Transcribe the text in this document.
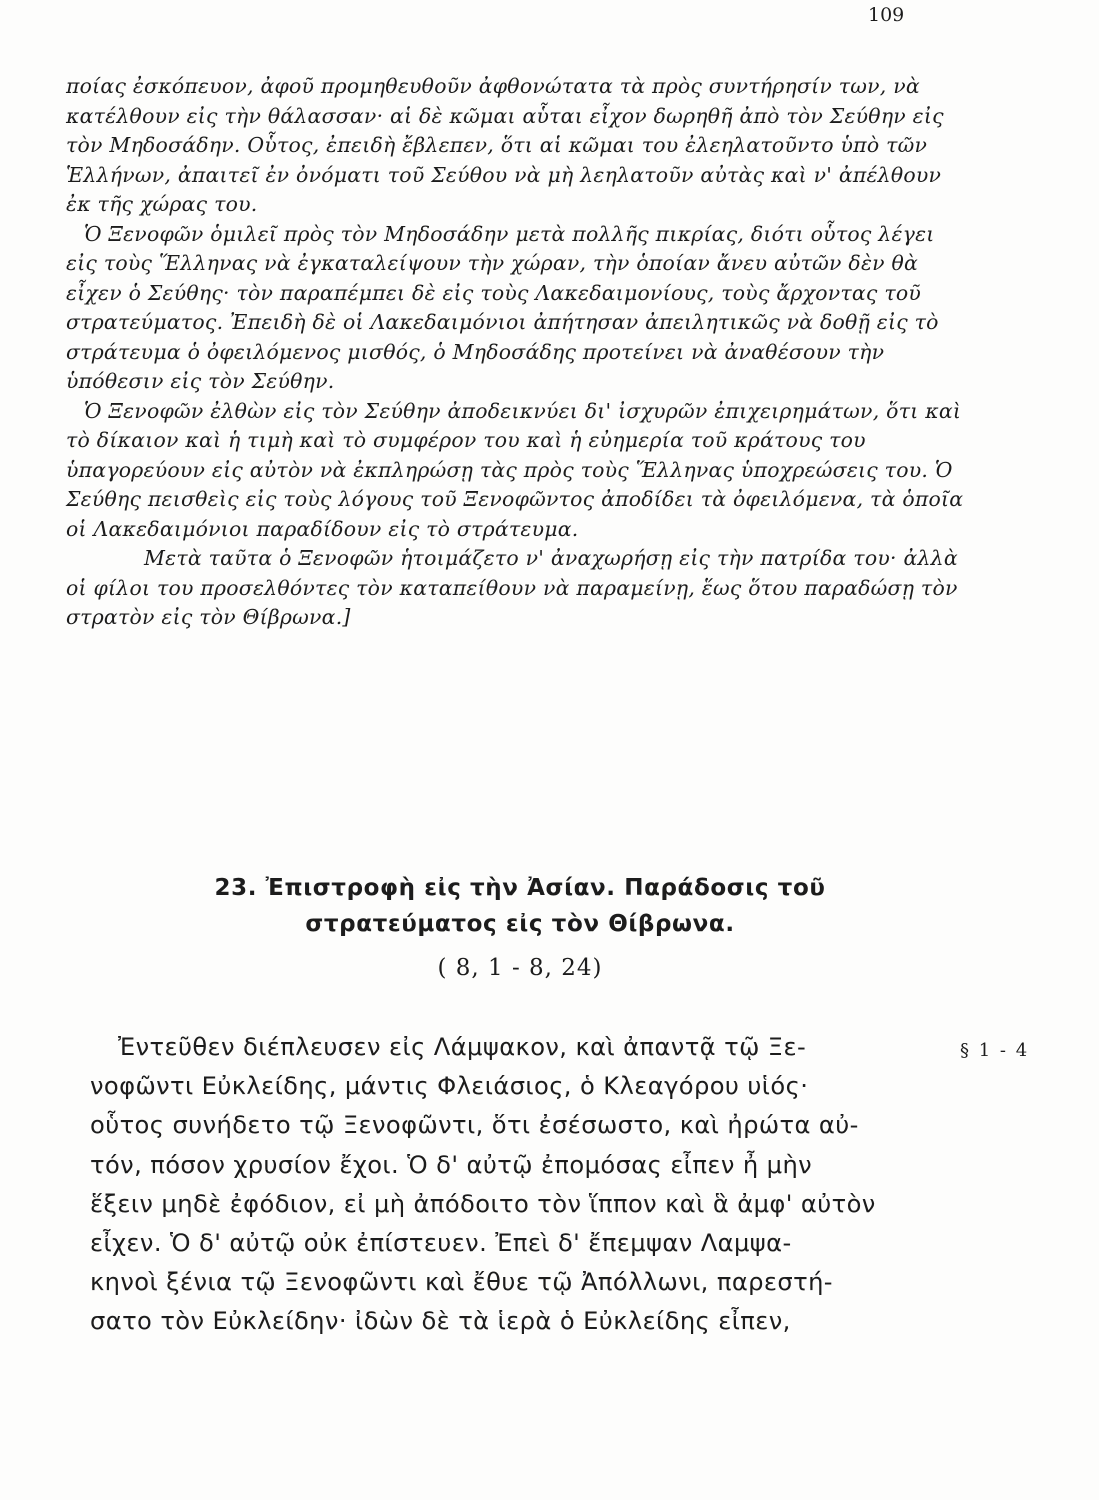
109

ποίας ἐσκόπευον, ἀφοῦ προμηθευθοῦν ἀφθονώτατα τὰ πρὸς συντήρησίν των, νὰ κατέλθουν εἰς τὴν θάλασσαν· αἱ δὲ κῶμαι αὗται εἶχον δωρηθῆ ἀπὸ τὸν Σεύθην εἰς τὸν Μηδοσάδην. Οὗτος, ἐπειδὴ ἔβλεπεν, ὅτι αἱ κῶμαι του ἐλεηλατοῦντο ὑπὸ τῶν Ἑλλήνων, ἀπαιτεῖ ἐν ὀνόματι τοῦ Σεύθου νὰ μὴ λεηλατοῦν αὐτὰς καὶ ν' ἀπέλθουν ἐκ τῆς χώρας του.

Ὁ Ξενοφῶν ὁμιλεῖ πρὸς τὸν Μηδοσάδην μετὰ πολλῆς πικρίας, διότι οὗτος λέγει εἰς τοὺς Ἕλληνας νὰ ἐγκαταλείψουν τὴν χώραν, τὴν ὁποίαν ἄνευ αὐτῶν δὲν θὰ εἶχεν ὁ Σεύθης· τὸν παραπέμπει δὲ εἰς τοὺς Λακεδαιμονίους, τοὺς ἄρχοντας τοῦ στρατεύματος. Ἐπειδὴ δὲ οἱ Λακεδαιμόνιοι ἀπήτησαν ἀπειλητικῶς νὰ δοθῇ εἰς τὸ στράτευμα ὁ ὀφειλόμενος μισθός, ὁ Μηδοσάδης προτείνει νὰ ἀναθέσουν τὴν ὑπόθεσιν εἰς τὸν Σεύθην.

Ὁ Ξενοφῶν ἐλθὼν εἰς τὸν Σεύθην ἀποδεικνύει δι' ἰσχυρῶν ἐπιχειρημάτων, ὅτι καὶ τὸ δίκαιον καὶ ἡ τιμὴ καὶ τὸ συμφέρον του καὶ ἡ εὐημερία τοῦ κράτους του ὑπαγορεύουν εἰς αὐτὸν νὰ ἐκπληρώσῃ τὰς πρὸς τοὺς Ἕλληνας ὑποχρεώσεις του. Ὁ Σεύθης πεισθεὶς εἰς τοὺς λόγους τοῦ Ξενοφῶντος ἀποδίδει τὰ ὀφειλόμενα, τὰ ὁποῖα οἱ Λακεδαιμόνιοι παραδίδουν εἰς τὸ στράτευμα.

Μετὰ ταῦτα ὁ Ξενοφῶν ἡτοιμάζετο ν' ἀναχωρήσῃ εἰς τὴν πατρίδα του· ἀλλὰ οἱ φίλοι του προσελθόντες τὸν καταπείθουν νὰ παραμείνῃ, ἕως ὅτου παραδώσῃ τὸν στρατὸν εἰς τὸν Θίβρωνα.]

23. Ἐπιστροφὴ εἰς τὴν Ἀσίαν. Παράδοσις τοῦ

στρατεύματος εἰς τὸν Θίβρωνα.

( 8, 1 - 8, 24)
Ἐντεῦθεν διέπλευσεν εἰς Λάμψακον, καὶ ἀπαντᾷ τῷ Ξε-
νοφῶντι Εὐκλείδης, μάντις Φλειάσιος, ὁ Κλεαγόρου υἱός·
οὗτος συνήδετο τῷ Ξενοφῶντι, ὅτι ἐσέσωστο, καὶ ἠρώτα αὐ-
τόν, πόσον χρυσίον ἔχοι. Ὁ δ' αὐτῷ ἐπομόσας εἶπεν ἦ μὴν
ἕξειν μηδὲ ἐφόδιον, εἰ μὴ ἀπόδοιτο τὸν ἵππον καὶ ἃ ἀμφ' αὐτὸν
εἶχεν. Ὁ δ' αὐτῷ οὐκ ἐπίστευεν. Ἐπεὶ δ' ἔπεμψαν Λαμψα-
κηνοὶ ξένια τῷ Ξενοφῶντι καὶ ἔθυε τῷ Ἀπόλλωνι, παρεστή-
σατο τὸν Εὐκλείδην· ἰδὼν δὲ τὰ ἱερὰ ὁ Εὐκλείδης εἶπεν,
§ 1 - 4
